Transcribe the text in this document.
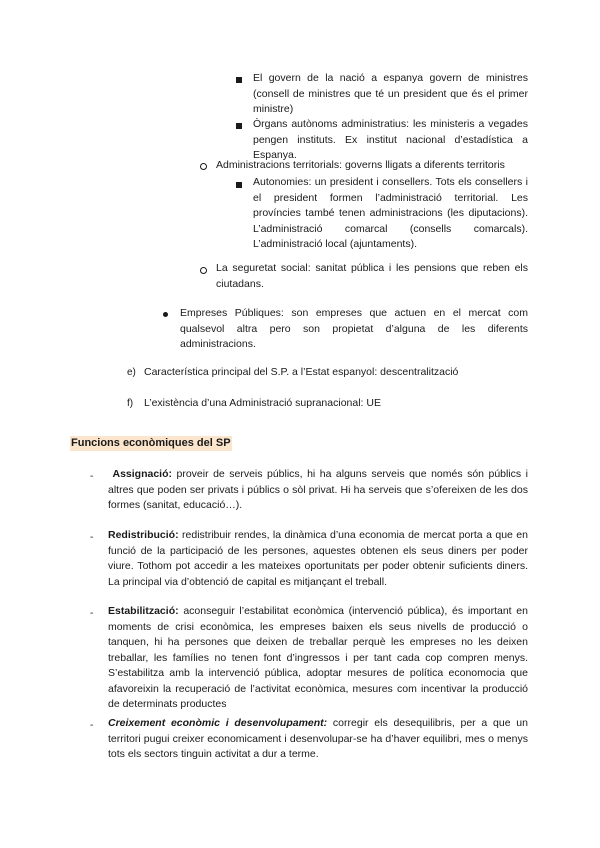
El govern de la nació a espanya govern de ministres (consell de ministres que té un president que és el primer ministre)
Òrgans autònoms administratius: les ministeris a vegades pengen instituts. Ex institut nacional d’estadística a Espanya.
Administracions territorials: governs lligats a diferents territoris
Autonomies: un president i consellers. Tots els consellers i el president formen l’administració territorial. Les províncies també tenen administracions (les diputacions). L’administració comarcal (consells comarcals). L’administració local (ajuntaments).
La seguretat social: sanitat pública i les pensions que reben els ciutadans.
Empreses Públiques: son empreses que actuen en el mercat com qualsevol altra pero son propietat d’alguna de les diferents administracions.
e) Característica principal del S.P. a l’Estat espanyol: descentralització
f) L’existència d’una Administració supranacional: UE
Funcions econòmiques del SP
-	Assignació: proveir de serveis públics, hi ha alguns serveis que només són públics i altres que poden ser privats i públics o sòl privat. Hi ha serveis que s’ofereixen de les dos formes (sanitat, educació…).
- Redistribució: redistribuir rendes, la dinàmica d’una economia de mercat porta a que en funció de la participació de les persones, aquestes obtenen els seus diners per poder viure. Tothom pot accedir a les mateixes oportunitats per poder obtenir suficients diners. La principal via d’obtenció de capital es mitjançant el treball.
- Estabilització: aconseguir l’estabilitat econòmica (intervenció pública), és important en moments de crisi econòmica, les empreses baixen els seus nivells de producció o tanquen, hi ha persones que deixen de treballar perquè les empreses no les deixen treballar, les famílies no tenen font d’ingressos i per tant cada cop compren menys. S’estabilitza amb la intervenció pública, adoptar mesures de política economocia que afavoreixin la recuperació de l’activitat econòmica, mesures com incentivar la producció de determinats productes
- Creixement econòmic i desenvolupament: corregir els desequilibris, per a que un territori pugui creixer economicament i desenvolupar-se ha d’haver equilibri, mes o menys tots els sectors tinguin activitat a dur a terme.
